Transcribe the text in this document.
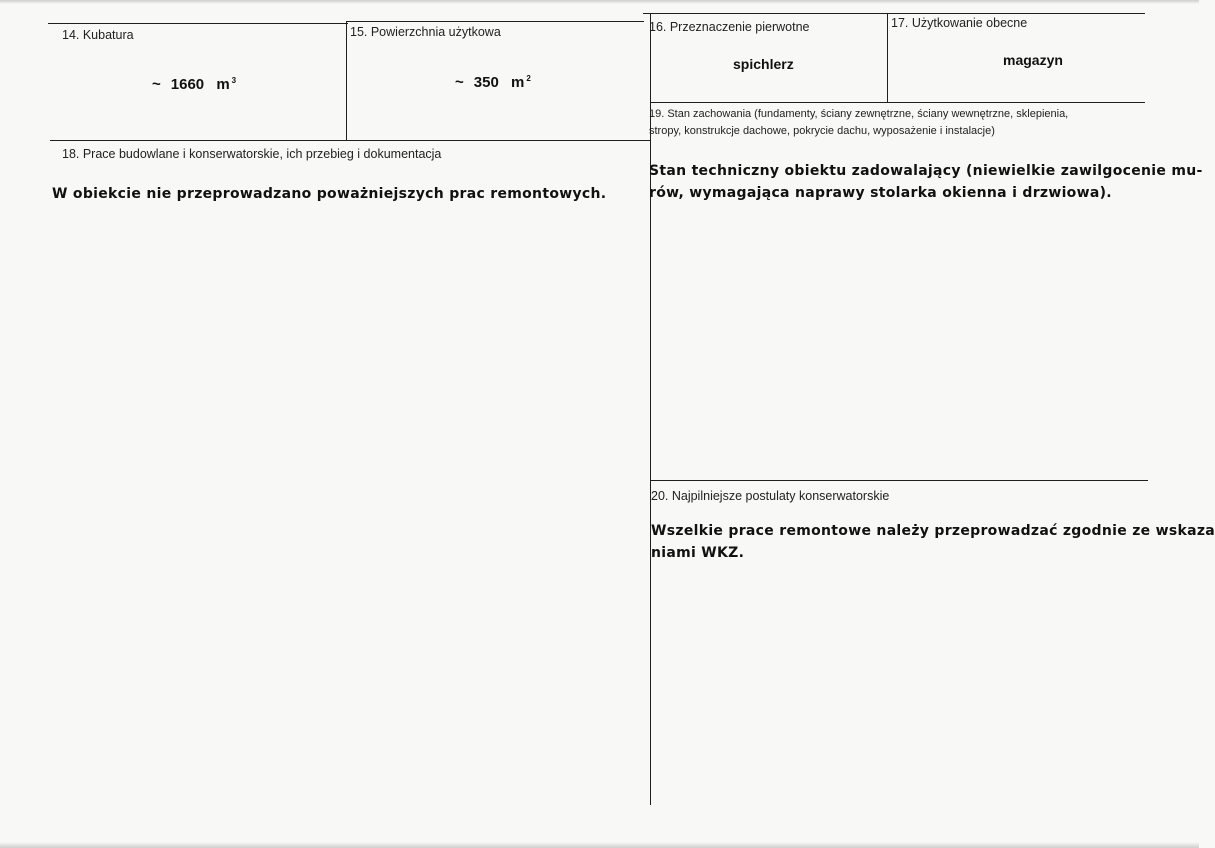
14. Kubatura
~ 1660 m $^3$
15. Powierzchnia użytkowa
~ 350 m $^2$
16. Przeznaczenie pierwotne
spichlerz
17. Użytkowanie obecne
magazyn
18. Prace budowlane i konserwatorskie, ich przebieg i dokumentacja
W obiekcie nie przeprowadzano poważniejszych prac remontowych.
19. Stan zachowania (fundamenty, ściany zewnętrzne, ściany wewnętrzne, sklepienia,
stropy, konstrukcje dachowe, pokrycie dachu, wyposażenie i instalacje)
Stan techniczny obiektu zadowalający (niewielkie zawilgocenie mu-
rów, wymagająca naprawy stolarka okienna i drzwiowa).
20. Najpilniejsze postulaty konserwatorskie
Wszelkie prace remontowe należy przeprowadzać zgodnie ze wskaza
niami WKZ.
